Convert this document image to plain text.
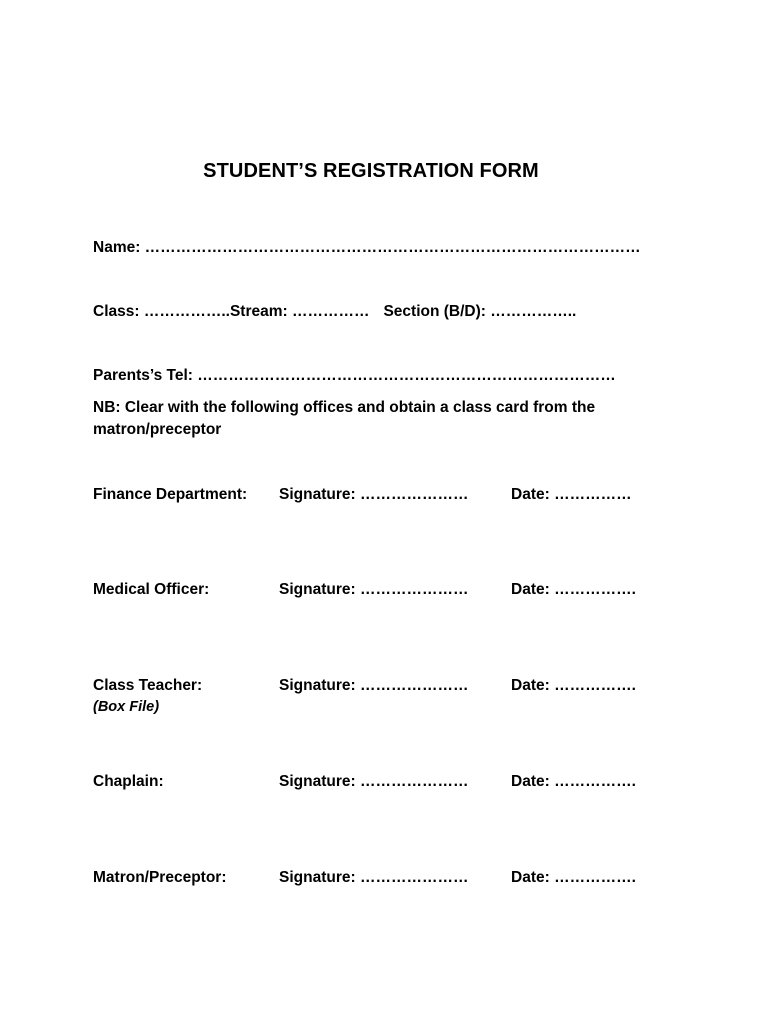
STUDENT’S REGISTRATION FORM
Name: ……………………………………………………………………………………
Class: ……………..Stream: …………… Section (B/D): ……………..
Parents’s Tel: ………………………………………………………………………
NB: Clear with the following offices and obtain a class card from the matron/preceptor
Finance Department: Signature: …………………	Date: ……………
Medical Officer:	Signature: …………………	Date: …………….
Class Teacher:	Signature: …………………	Date: …………….
(Box File)
Chaplain:	Signature: …………………	Date: …………….
Matron/Preceptor:	Signature: …………………	Date: …………….
